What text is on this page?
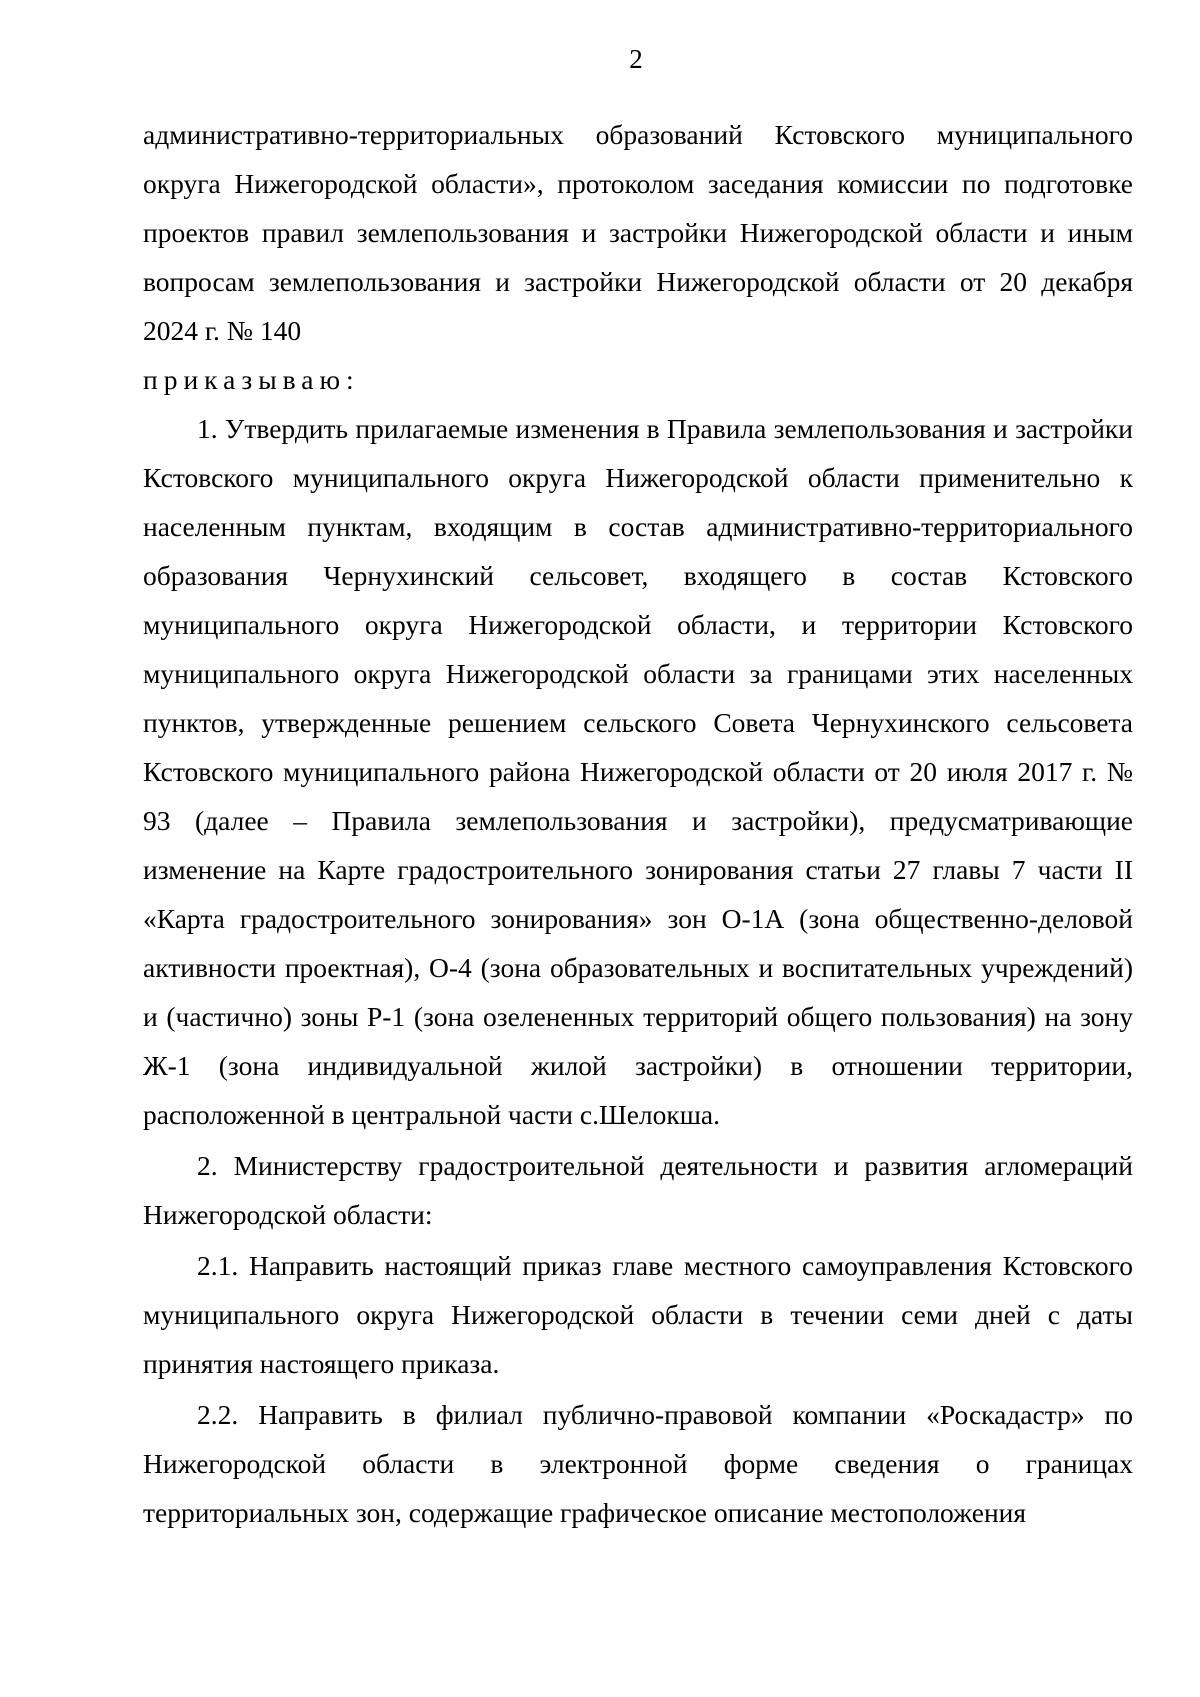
2

административно-территориальных образований Кстовского муниципального округа Нижегородской области», протоколом заседания комиссии по подготовке проектов правил землепользования и застройки Нижегородской области и иным вопросам землепользования и застройки Нижегородской области от 20 декабря 2024 г. № 140

приказываю:

1. Утвердить прилагаемые изменения в Правила землепользования и застройки Кстовского муниципального округа Нижегородской области применительно к населенным пунктам, входящим в состав административно-территориального образования Чернухинский сельсовет, входящего в состав Кстовского муниципального округа Нижегородской области, и территории Кстовского муниципального округа Нижегородской области за границами этих населенных пунктов, утвержденные решением сельского Совета Чернухинского сельсовета Кстовского муниципального района Нижегородской области от 20 июля 2017 г. № 93 (далее – Правила землепользования и застройки), предусматривающие изменение на Карте градостроительного зонирования статьи 27 главы 7 части II «Карта градостроительного зонирования» зон О-1А (зона общественно-деловой активности проектная), О-4 (зона образовательных и воспитательных учреждений) и (частично) зоны Р-1 (зона озелененных территорий общего пользования) на зону Ж-1 (зона индивидуальной жилой застройки) в отношении территории, расположенной в центральной части с.Шелокша.

2. Министерству градостроительной деятельности и развития агломераций Нижегородской области:

2.1. Направить настоящий приказ главе местного самоуправления Кстовского муниципального округа Нижегородской области в течении семи дней с даты принятия настоящего приказа.

2.2. Направить в филиал публично-правовой компании «Роскадастр» по Нижегородской области в электронной форме сведения о границах территориальных зон, содержащие графическое описание местоположения
